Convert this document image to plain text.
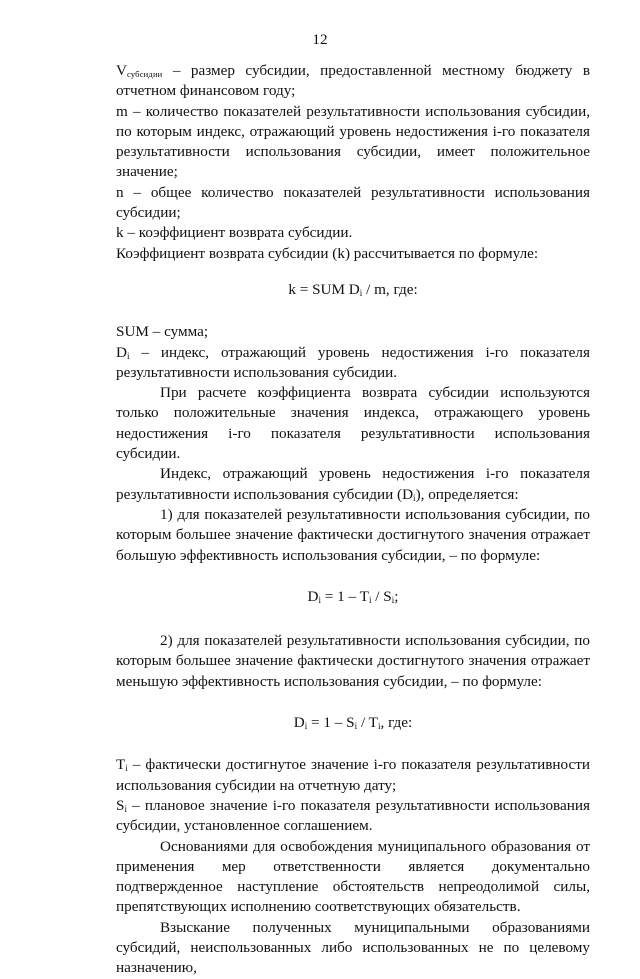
12

$V_{субсидии}$ – размер субсидии, предоставленной местному бюджету в отчетном финансовом году;

m – количество показателей результативности использования субсидии, по которым индекс, отражающий уровень недостижения i-го показателя результативности использования субсидии, имеет положительное значение;

n – общее количество показателей результативности использования субсидии;

k – коэффициент возврата субсидии.

Коэффициент возврата субсидии (k) рассчитывается по формуле:

k = SUM $D_i$ / m, где:

SUM – сумма;

$D_i$ – индекс, отражающий уровень недостижения i-го показателя результативности использования субсидии.

При расчете коэффициента возврата субсидии используются только положительные значения индекса, отражающего уровень недостижения i-го показателя результативности использования субсидии.

Индекс, отражающий уровень недостижения i-го показателя результативности использования субсидии $(D_i)$, определяется:

1) для показателей результативности использования субсидии, по которым большее значение фактически достигнутого значения отражает большую эффективность использования субсидии, – по формуле:

$D_i = 1 - T_i / S_i$;

2) для показателей результативности использования субсидии, по которым большее значение фактически достигнутого значения отражает меньшую эффективность использования субсидии, – по формуле:

$D_i = 1 - S_i / T_i$, где:

$T_i$ – фактически достигнутое значение i-го показателя результативности использования субсидии на отчетную дату;

$S_i$ – плановое значение i-го показателя результативности использования субсидии, установленное соглашением.

Основаниями для освобождения муниципального образования от применения мер ответственности является документально подтвержденное наступление обстоятельств непреодолимой силы, препятствующих исполнению соответствующих обязательств.

Взыскание полученных муниципальными образованиями субсидий, неиспользованных либо использованных не по целевому назначению,
